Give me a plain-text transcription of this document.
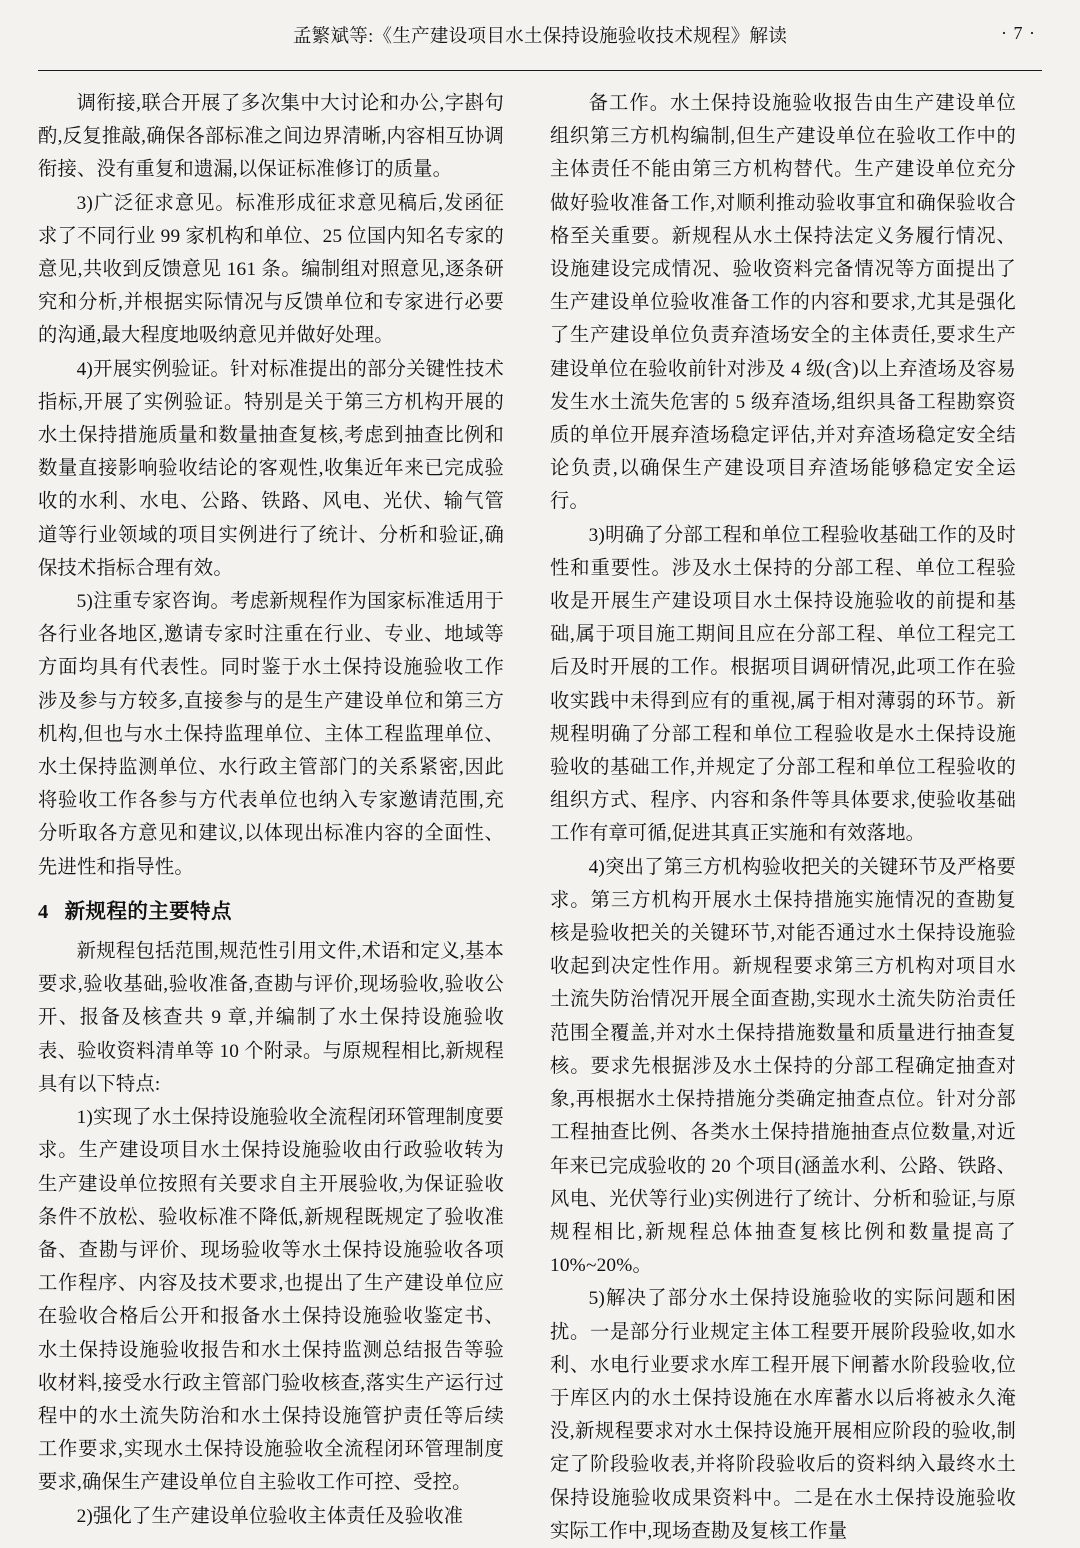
孟繁斌等:《生产建设项目水土保持设施验收技术规程》解读	· 7 ·

调衔接,联合开展了多次集中大讨论和办公,字斟句酌,反复推敲,确保各部标准之间边界清晰,内容相互协调衔接、没有重复和遗漏,以保证标准修订的质量。

3)广泛征求意见。标准形成征求意见稿后,发函征求了不同行业 99 家机构和单位、25 位国内知名专家的意见,共收到反馈意见 161 条。编制组对照意见,逐条研究和分析,并根据实际情况与反馈单位和专家进行必要的沟通,最大程度地吸纳意见并做好处理。

4)开展实例验证。针对标准提出的部分关键性技术指标,开展了实例验证。特别是关于第三方机构开展的水土保持措施质量和数量抽查复核,考虑到抽查比例和数量直接影响验收结论的客观性,收集近年来已完成验收的水利、水电、公路、铁路、风电、光伏、输气管道等行业领域的项目实例进行了统计、分析和验证,确保技术指标合理有效。

5)注重专家咨询。考虑新规程作为国家标准适用于各行业各地区,邀请专家时注重在行业、专业、地域等方面均具有代表性。同时鉴于水土保持设施验收工作涉及参与方较多,直接参与的是生产建设单位和第三方机构,但也与水土保持监理单位、主体工程监理单位、水土保持监测单位、水行政主管部门的关系紧密,因此将验收工作各参与方代表单位也纳入专家邀请范围,充分听取各方意见和建议,以体现出标准内容的全面性、先进性和指导性。

4 新规程的主要特点

新规程包括范围,规范性引用文件,术语和定义,基本要求,验收基础,验收准备,查勘与评价,现场验收,验收公开、报备及核查共 9 章,并编制了水土保持设施验收表、验收资料清单等 10 个附录。与原规程相比,新规程具有以下特点:

1)实现了水土保持设施验收全流程闭环管理制度要求。生产建设项目水土保持设施验收由行政验收转为生产建设单位按照有关要求自主开展验收,为保证验收条件不放松、验收标准不降低,新规程既规定了验收准备、查勘与评价、现场验收等水土保持设施验收各项工作程序、内容及技术要求,也提出了生产建设单位应在验收合格后公开和报备水土保持设施验收鉴定书、水土保持设施验收报告和水土保持监测总结报告等验收材料,接受水行政主管部门验收核查,落实生产运行过程中的水土流失防治和水土保持设施管护责任等后续工作要求,实现水土保持设施验收全流程闭环管理制度要求,确保生产建设单位自主验收工作可控、受控。

2)强化了生产建设单位验收主体责任及验收准

备工作。水土保持设施验收报告由生产建设单位组织第三方机构编制,但生产建设单位在验收工作中的主体责任不能由第三方机构替代。生产建设单位充分做好验收准备工作,对顺利推动验收事宜和确保验收合格至关重要。新规程从水土保持法定义务履行情况、设施建设完成情况、验收资料完备情况等方面提出了生产建设单位验收准备工作的内容和要求,尤其是强化了生产建设单位负责弃渣场安全的主体责任,要求生产建设单位在验收前针对涉及 4 级(含)以上弃渣场及容易发生水土流失危害的 5 级弃渣场,组织具备工程勘察资质的单位开展弃渣场稳定评估,并对弃渣场稳定安全结论负责,以确保生产建设项目弃渣场能够稳定安全运行。

3)明确了分部工程和单位工程验收基础工作的及时性和重要性。涉及水土保持的分部工程、单位工程验收是开展生产建设项目水土保持设施验收的前提和基础,属于项目施工期间且应在分部工程、单位工程完工后及时开展的工作。根据项目调研情况,此项工作在验收实践中未得到应有的重视,属于相对薄弱的环节。新规程明确了分部工程和单位工程验收是水土保持设施验收的基础工作,并规定了分部工程和单位工程验收的组织方式、程序、内容和条件等具体要求,使验收基础工作有章可循,促进其真正实施和有效落地。

4)突出了第三方机构验收把关的关键环节及严格要求。第三方机构开展水土保持措施实施情况的查勘复核是验收把关的关键环节,对能否通过水土保持设施验收起到决定性作用。新规程要求第三方机构对项目水土流失防治情况开展全面查勘,实现水土流失防治责任范围全覆盖,并对水土保持措施数量和质量进行抽查复核。要求先根据涉及水土保持的分部工程确定抽查对象,再根据水土保持措施分类确定抽查点位。针对分部工程抽查比例、各类水土保持措施抽查点位数量,对近年来已完成验收的 20 个项目(涵盖水利、公路、铁路、风电、光伏等行业)实例进行了统计、分析和验证,与原规程相比,新规程总体抽查复核比例和数量提高了 10%~20%。

5)解决了部分水土保持设施验收的实际问题和困扰。一是部分行业规定主体工程要开展阶段验收,如水利、水电行业要求水库工程开展下闸蓄水阶段验收,位于库区内的水土保持设施在水库蓄水以后将被永久淹没,新规程要求对水土保持设施开展相应阶段的验收,制定了阶段验收表,并将阶段验收后的资料纳入最终水土保持设施验收成果资料中。二是在水土保持设施验收实际工作中,现场查勘及复核工作量
